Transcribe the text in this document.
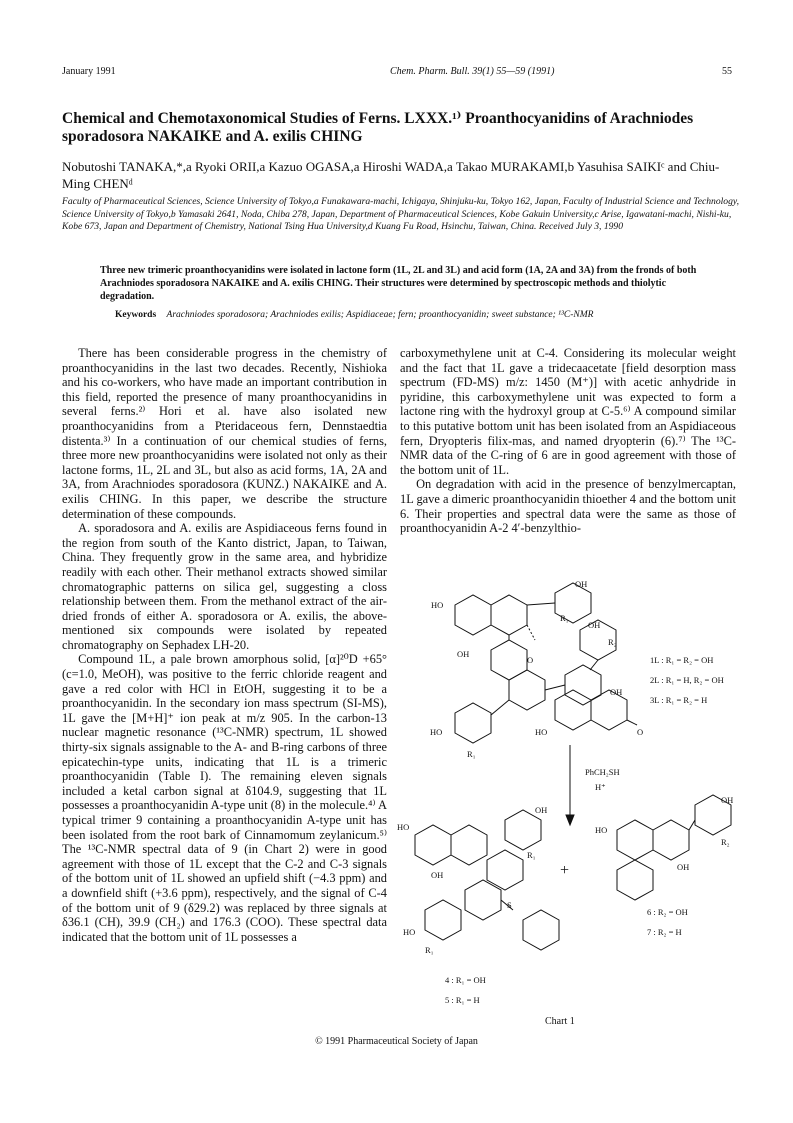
January 1991	Chem. Pharm. Bull. 39(1) 55—59 (1991)	55
Chemical and Chemotaxonomical Studies of Ferns. LXXX.¹⁾ Proanthocyanidins of Arachniodes sporadosora NAKAIKE and A. exilis CHING
Nobutoshi TANAKA,*,a Ryoki ORII,a Kazuo OGASA,a Hiroshi WADA,a Takao MURAKAMI,b Yasuhisa SAIKIᶜ and Chiu-Ming CHENᵈ
Faculty of Pharmaceutical Sciences, Science University of Tokyo,a Funakawara-machi, Ichigaya, Shinjuku-ku, Tokyo 162, Japan, Faculty of Industrial Science and Technology, Science University of Tokyo,b Yamasaki 2641, Noda, Chiba 278, Japan, Department of Pharmaceutical Sciences, Kobe Gakuin University,c Arise, Igawatani-machi, Nishi-ku, Kobe 673, Japan and Department of Chemistry, National Tsing Hua University,d Kuang Fu Road, Hsinchu, Taiwan, China. Received July 3, 1990
Three new trimeric proanthocyanidins were isolated in lactone form (1L, 2L and 3L) and acid form (1A, 2A and 3A) from the fronds of both Arachniodes sporadosora NAKAIKE and A. exilis CHING. Their structures were determined by spectroscopic methods and thiolytic degradation.
Keywords Arachniodes sporadosora; Arachniodes exilis; Aspidiaceae; fern; proanthocyanidin; sweet substance; ¹³C-NMR

There has been considerable progress in the chemistry of proanthocyanidins in the last two decades. Recently, Nishioka and his co-workers, who have made an important contribution in this field, reported the presence of many proanthocyanidins in several ferns.²⁾ Hori et al. have also isolated new proanthocyanidins from a Pteridaceous fern, Dennstaedtia distenta.³⁾ In a continuation of our chemical studies of ferns, three more new proanthocyanidins were isolated not only as their lactone forms, 1L, 2L and 3L, but also as acid forms, 1A, 2A and 3A, from Arachniodes sporadosora (KUNZ.) NAKAIKE and A. exilis CHING. In this paper, we describe the structure determination of these compounds.

A. sporadosora and A. exilis are Aspidiaceous ferns found in the region from south of the Kanto district, Japan, to Taiwan, China. They frequently grow in the same area, and hybridize readily with each other. Their methanol extracts showed similar chromatographic patterns on silica gel, suggesting a closs relationship between them. From the methanol extract of the air-dried fronds of either A. sporadosora or A. exilis, the above-mentioned six compounds were isolated by repeated chromatography on Sephadex LH-20.

Compound 1L, a pale brown amorphous solid, [α]²⁰D +65° (c=1.0, MeOH), was positive to the ferric chloride reagent and gave a red color with HCl in EtOH, suggesting it to be a proanthocyanidin. In the secondary ion mass spectrum (SI-MS), 1L gave the [M+H]⁺ ion peak at m/z 905. In the carbon-13 nuclear magnetic resonance (¹³C-NMR) spectrum, 1L showed thirty-six signals assignable to the A- and B-ring carbons of three epicatechin-type units, indicating that 1L is a trimeric proanthocyanidin (Table I). The remaining eleven signals included a ketal carbon signal at δ104.9, suggesting that 1L possesses a proanthocyanidin A-type unit (8) in the molecule.⁴⁾ A typical trimer 9 containing a proanthocyanidin A-type unit has been isolated from the root bark of Cinnamomum zeylanicum.⁵⁾ The ¹³C-NMR spectral data of 9 (in Chart 2) were in good agreement with those of 1L except that the C-2 and C-3 signals of the bottom unit of 1L showed an upfield shift (−4.3 ppm) and a downfield shift (+3.6 ppm), respectively, and the signal of C-4 of the bottom unit of 9 (δ29.2) was replaced by three signals at δ36.1 (CH), 39.9 (CH₂) and 176.3 (COO). These spectral data indicated that the bottom unit of 1L possesses a

carboxymethylene unit at C-4. Considering its molecular weight and the fact that 1L gave a tridecaacetate [field desorption mass spectrum (FD-MS) m/z: 1450 (M⁺)] with acetic anhydride in pyridine, this carboxymethylene unit was expected to form a lactone ring with the hydroxyl group at C-5.⁶⁾ A compound similar to this putative bottom unit has been isolated from an Aspidiaceous fern, Dryopteris filix-mas, and named dryopterin (6).⁷⁾ The ¹³C-NMR data of the C-ring of 6 are in good agreement with those of the bottom unit of 1L.

On degradation with acid in the presence of benzylmercaptan, 1L gave a dimeric proanthocyanidin thioether 4 and the bottom unit 6. Their properties and spectral data were the same as those of proanthocyanidin A-2 4′-benzylthio-

OH
HO
R₁
OH
R₂
O
OH
OH
HO
R₁
HO	O
1L : R₁ = R₂ = OH
2L : R₁ = H, R₂ = OH
3L : R₁ = R₂ = H
PhCH₂SH
H⁺
HO
OH
R₁
OH
S
HO
R₁
+
HO
OH
R₂
OH
4 : R₁ = OH
5 : R₁ = H
6 : R₂ = OH
7 : R₂ = H
Chart 1
© 1991 Pharmaceutical Society of Japan
